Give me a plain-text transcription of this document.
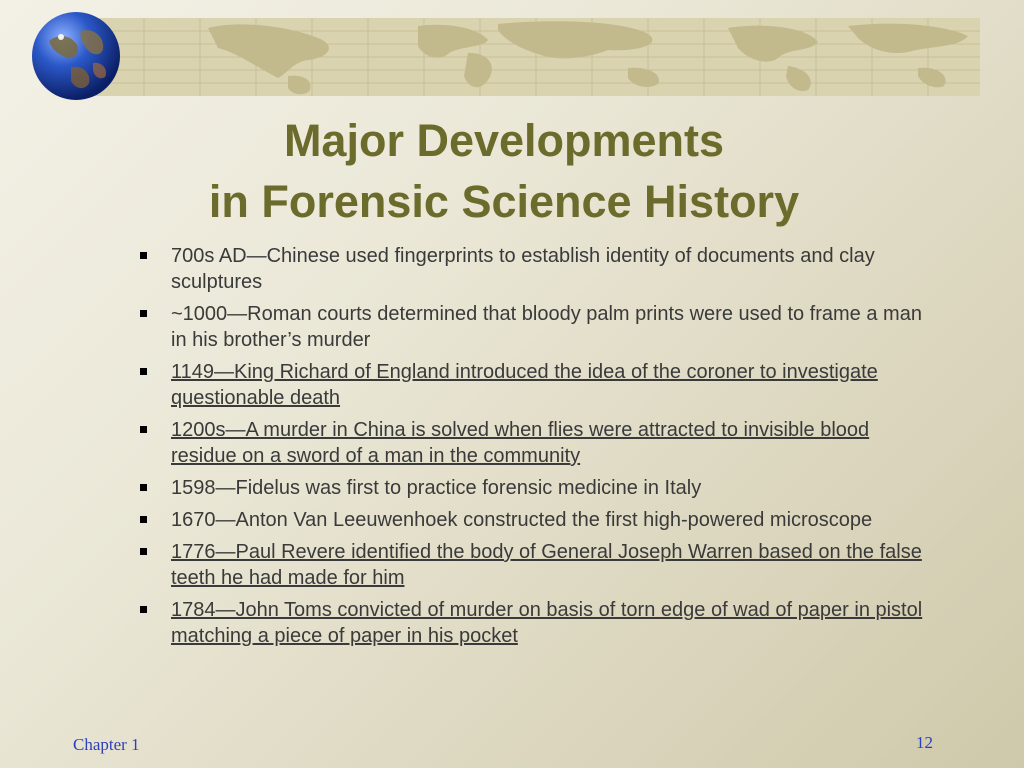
Major Developments
in Forensic Science History
700s AD—Chinese used fingerprints to establish identity of documents and clay sculptures
~1000—Roman courts determined that bloody palm prints were used to frame a man in his brother’s murder
1149—King Richard of England introduced the idea of the coroner to investigate questionable death
1200s—A murder in China is solved when flies were attracted to invisible blood residue on a sword of a man in the community
1598—Fidelus was first to practice forensic medicine in Italy
1670—Anton Van Leeuwenhoek constructed the first high-powered microscope
1776—Paul Revere identified the body of General Joseph Warren based on the false teeth he had made for him
1784—John Toms convicted of murder on basis of torn edge of wad of paper in pistol matching a piece of paper in his pocket
Chapter 1	12
